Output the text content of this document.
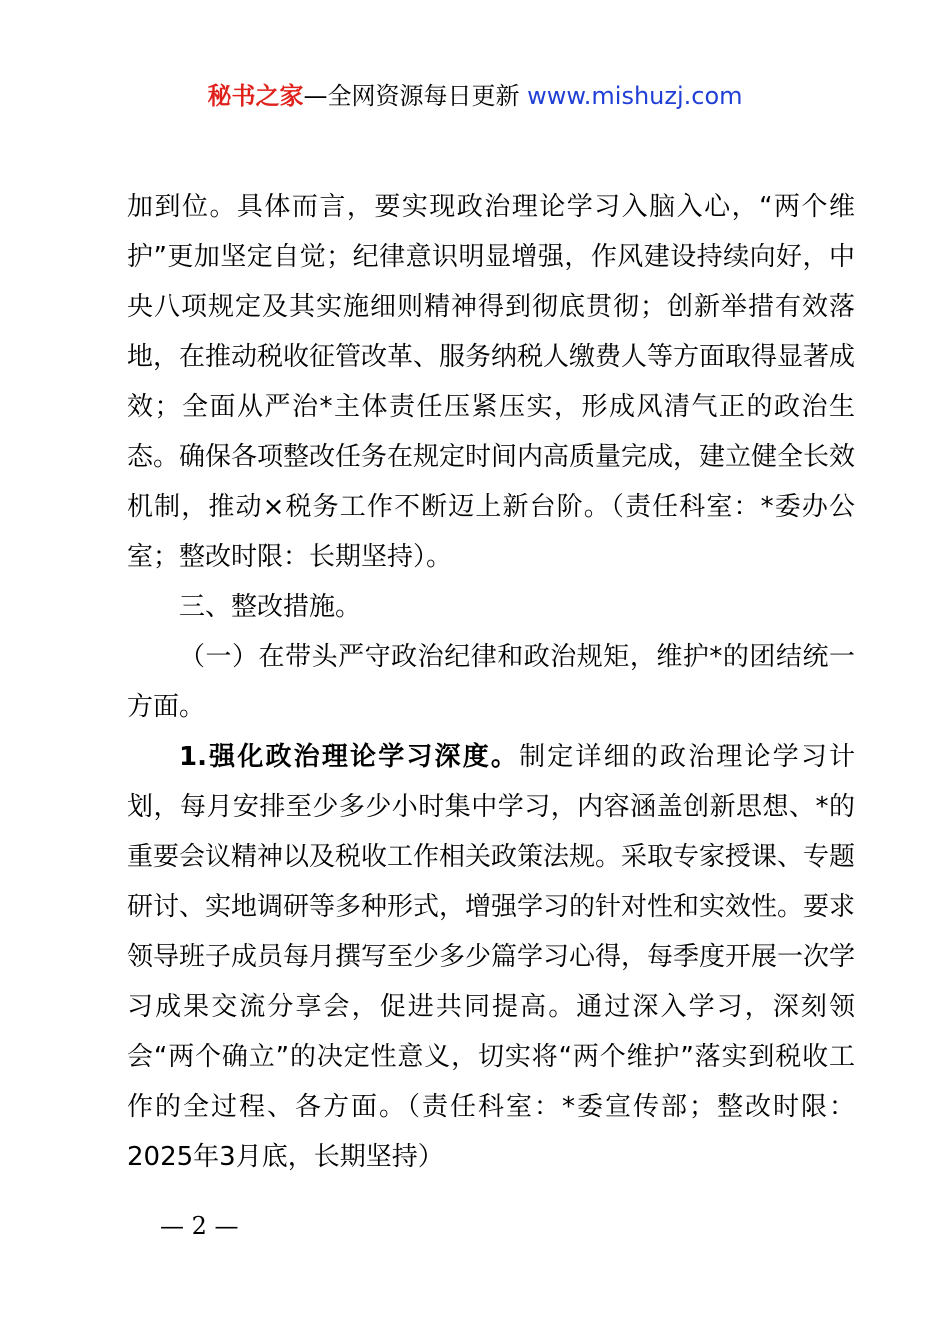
秘书之家—全网资源每日更新 www.mishuzj.com

加到位。具体而言，要实现政治理论学习入脑入心，“两个维护”更加坚定自觉；纪律意识明显增强，作风建设持续向好，中央八项规定及其实施细则精神得到彻底贯彻；创新举措有效落地，在推动税收征管改革、服务纳税人缴费人等方面取得显著成效；全面从严治*主体责任压紧压实，形成风清气正的政治生态。确保各项整改任务在规定时间内高质量完成，建立健全长效机制，推动×税务工作不断迈上新台阶。（责任科室：*委办公室；整改时限：长期坚持）。

三、整改措施。

（一）在带头严守政治纪律和政治规矩，维护*的团结统一方面。

1.强化政治理论学习深度。制定详细的政治理论学习计划，每月安排至少多少小时集中学习，内容涵盖创新思想、*的重要会议精神以及税收工作相关政策法规。采取专家授课、专题研讨、实地调研等多种形式，增强学习的针对性和实效性。要求领导班子成员每月撰写至少多少篇学习心得，每季度开展一次学习成果交流分享会，促进共同提高。通过深入学习，深刻领会“两个确立”的决定性意义，切实将“两个维护”落实到税收工作的全过程、各方面。（责任科室：*委宣传部；整改时限：2025年3月底，长期坚持）

— 2 —
